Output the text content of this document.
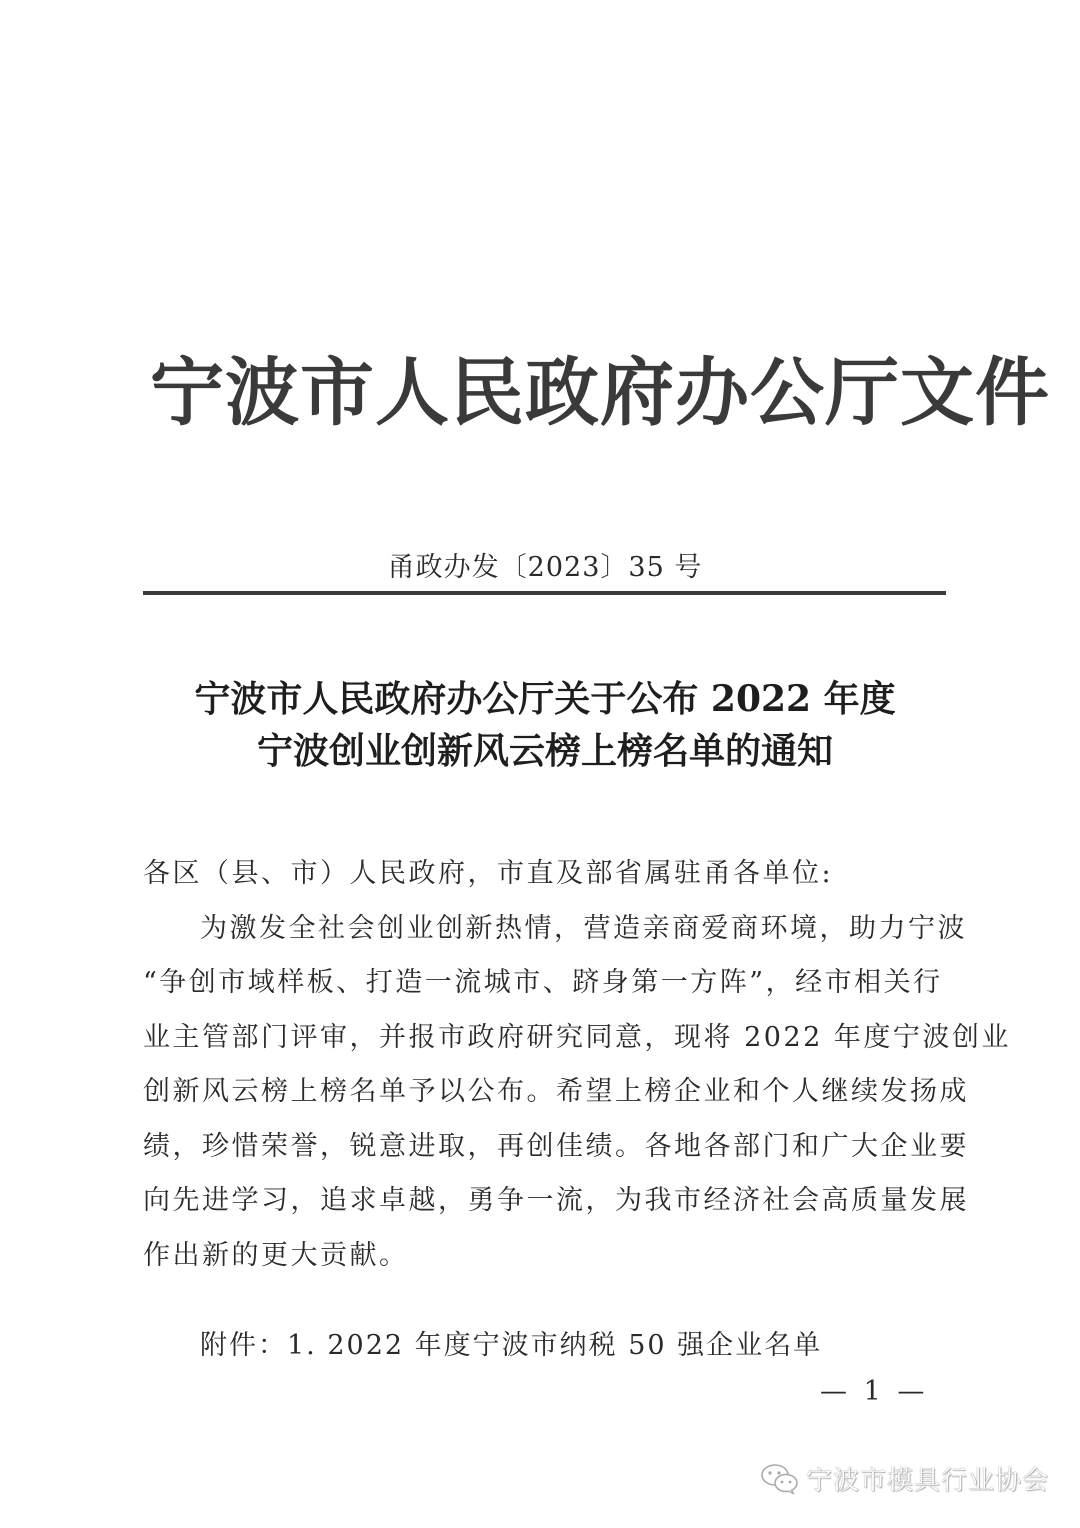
宁波市人民政府办公厅文件
甬政办发〔2023〕35 号
宁波市人民政府办公厅关于公布 2022 年度
宁波创业创新风云榜上榜名单的通知
各区（县、市）人民政府，市直及部省属驻甬各单位:
为激发全社会创业创新热情，营造亲商爱商环境，助力宁波
“争创市域样板、打造一流城市、跻身第一方阵”，经市相关行
业主管部门评审，并报市政府研究同意，现将 2022 年度宁波创业
创新风云榜上榜名单予以公布。希望上榜企业和个人继续发扬成
绩，珍惜荣誉，锐意进取，再创佳绩。各地各部门和广大企业要
向先进学习，追求卓越，勇争一流，为我市经济社会高质量发展
作出新的更大贡献。
附件：1. 2022 年度宁波市纳税 50 强企业名单
— 1 —
宁波市模具行业协会
